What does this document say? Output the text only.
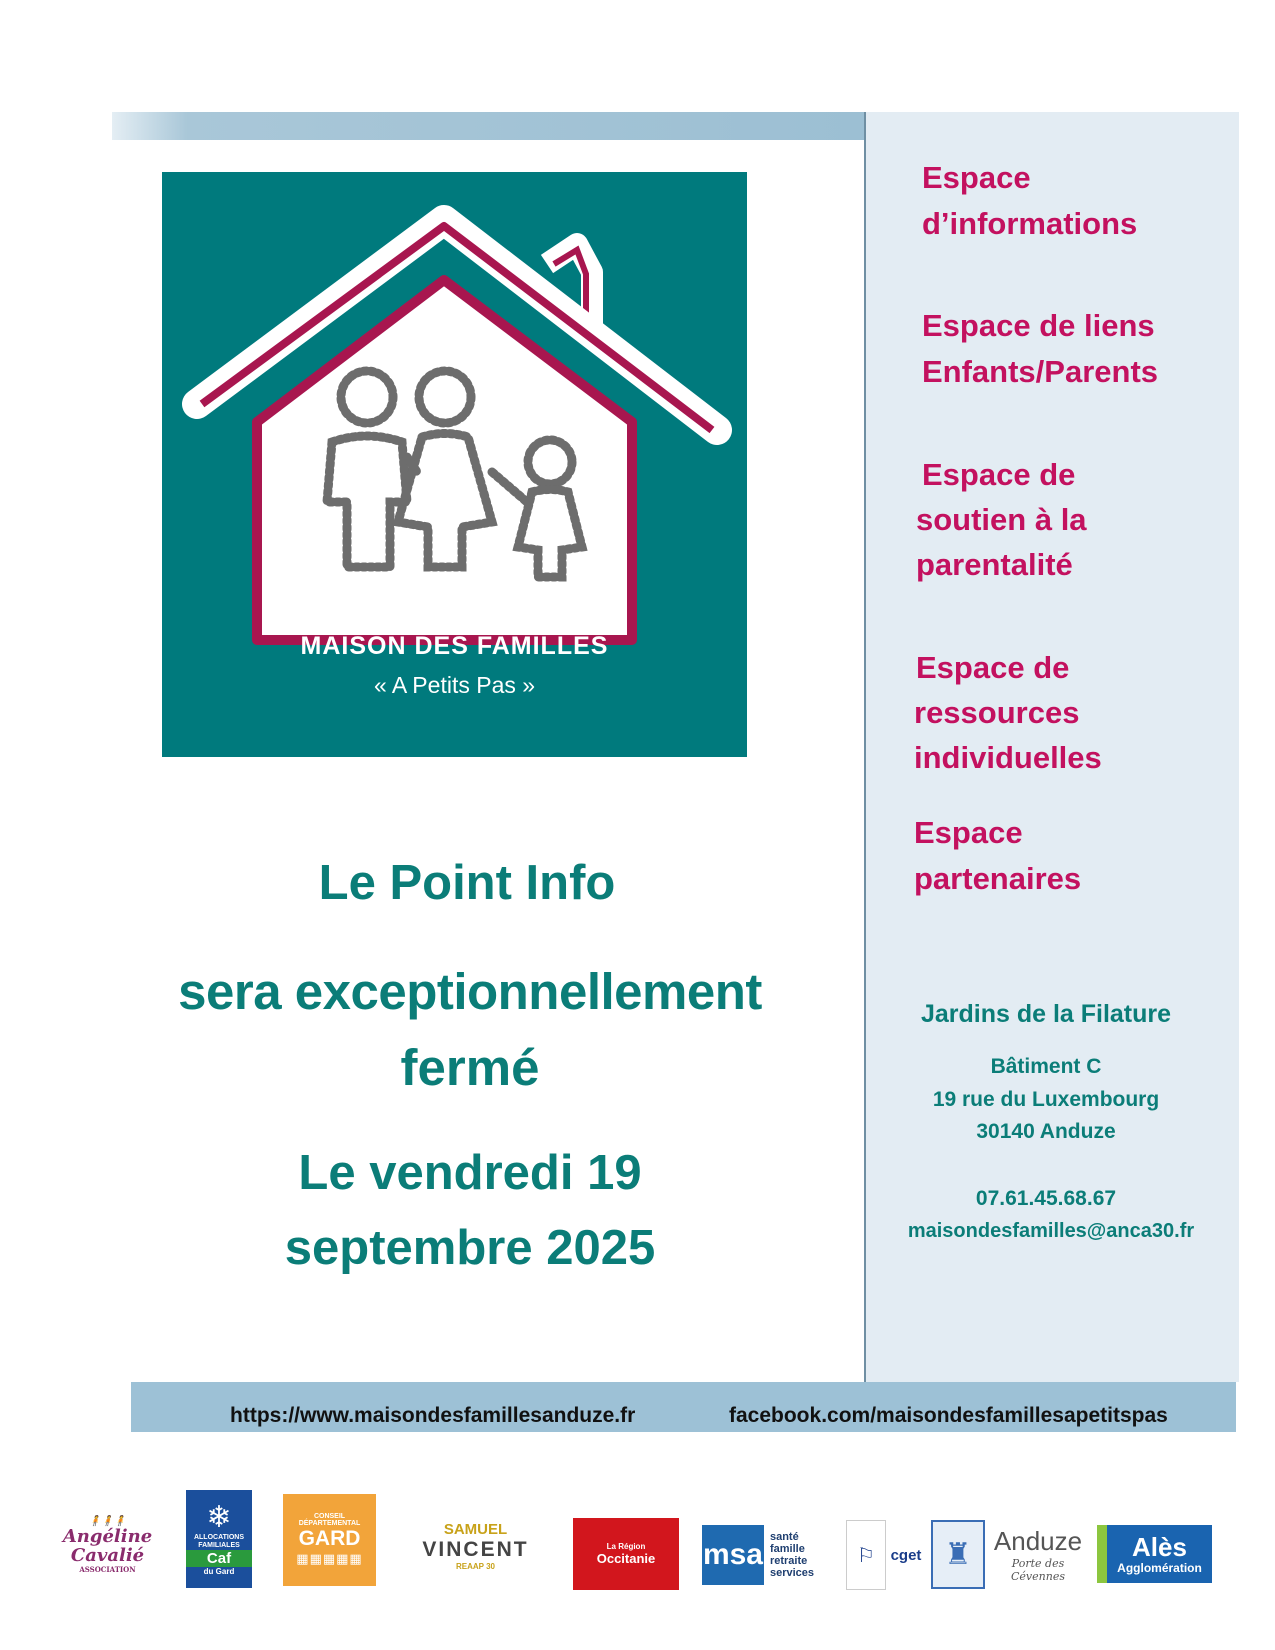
MAISON DES FAMILLES
« A Petits Pas »
Espace
d’informations
Espace de liens
Enfants/Parents
Espace de
soutien à la
parentalité
Espace de
ressources
individuelles
Espace
partenaires
Le Point Info
sera exceptionnellement
fermé
Le vendredi 19
septembre 2025
Jardins de la Filature
Bâtiment C
19 rue du Luxembourg
30140 Anduze
07.61.45.68.67
maisondesfamilles@anca30.fr
https://www.maisondesfamillesanduze.fr	facebook.com/maisondesfamillesapetitspas
🧍🧍🧍
Angéline
Cavalié
ASSOCIATION
❄
ALLOCATIONS FAMILIALES
Caf
du Gard
CONSEIL DÉPARTEMENTAL
GARD
▦▦▦▦▦
SAMUEL
VINCENT
REAAP 30
La Région
Occitanie msa
santé
famille
retraite
services
⚐ cget ♜ Anduze
Porte des Cévennes
Alès
Agglomération
